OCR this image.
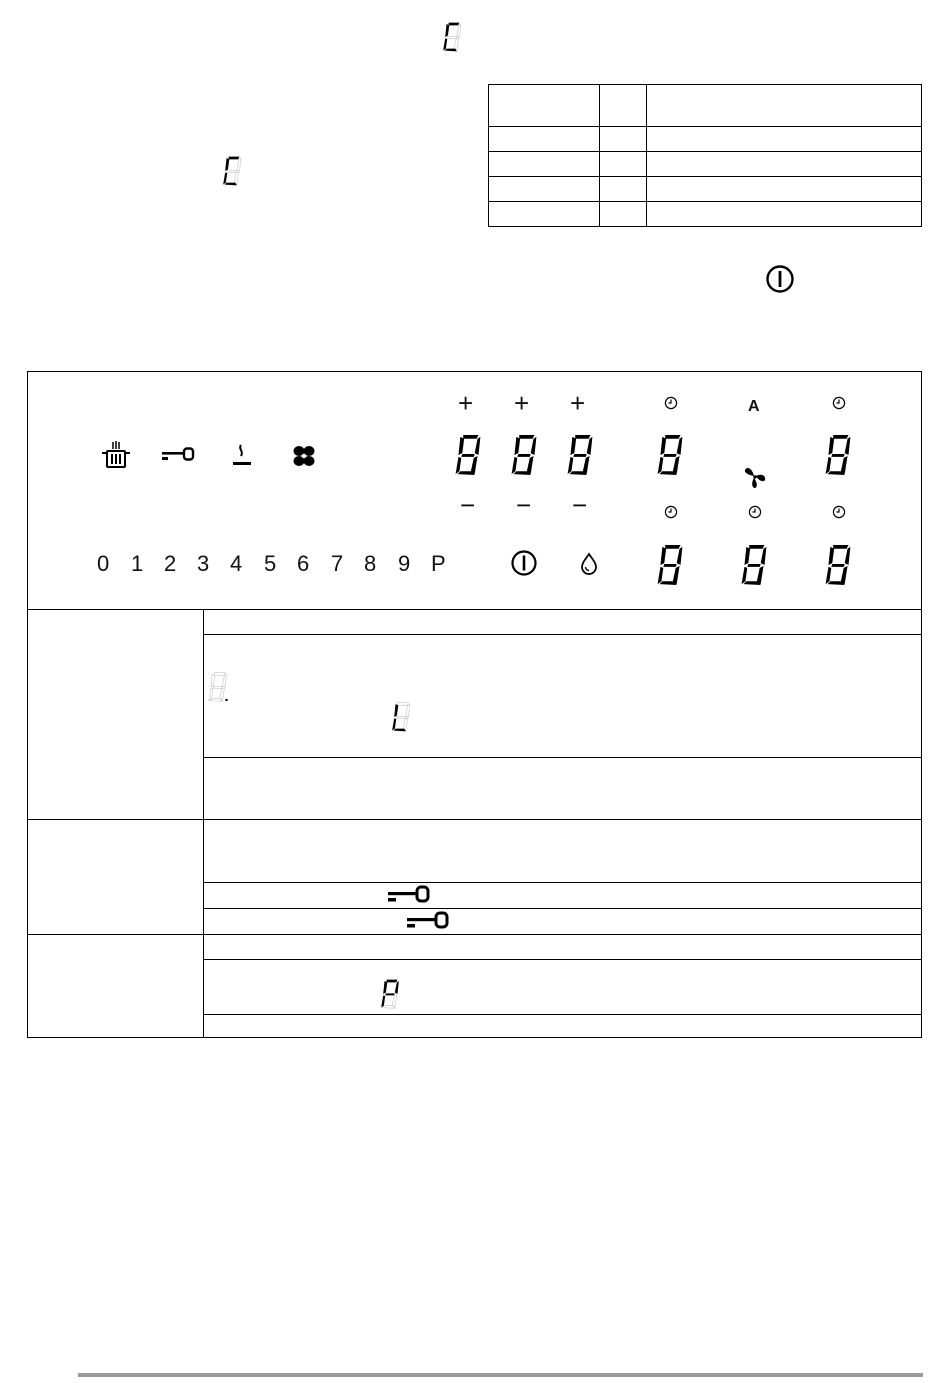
+ + +
− − −
A
0 1 2 3 4 5 6 7 8 9 P
